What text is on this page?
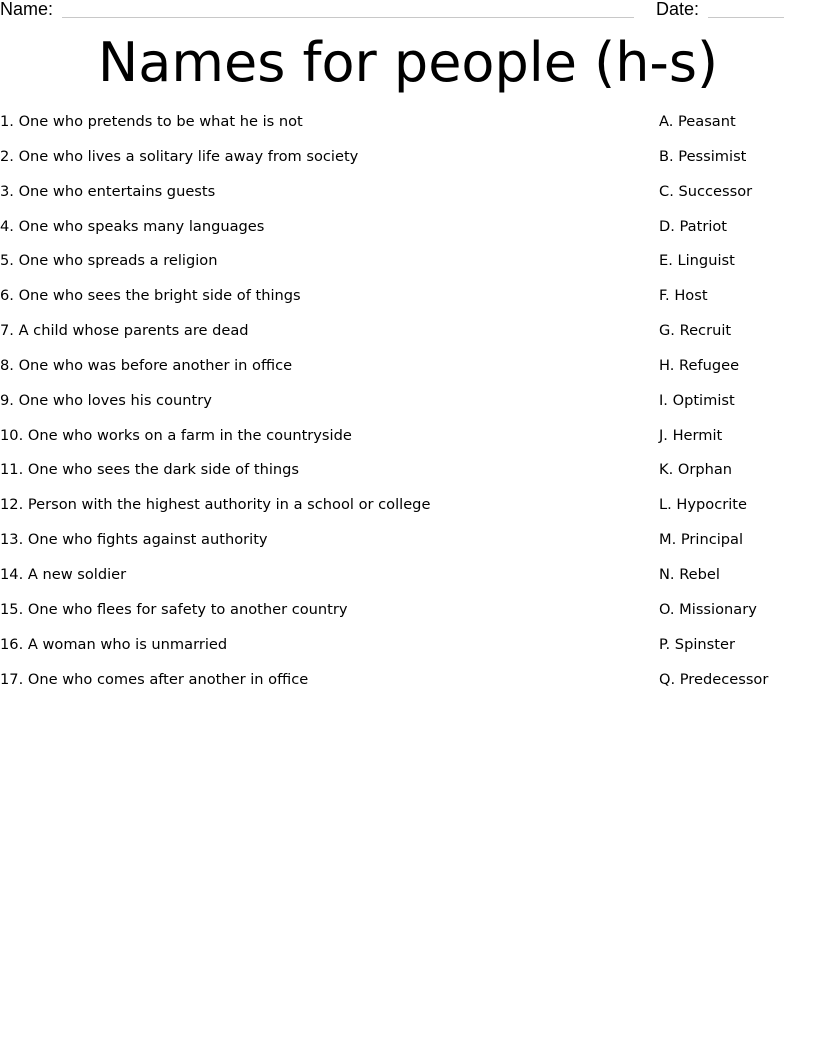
Name:	Date:
Names for people (h-s)
1. One who pretends to be what he is not
2. One who lives a solitary life away from society
3. One who entertains guests
4. One who speaks many languages
5. One who spreads a religion
6. One who sees the bright side of things
7. A child whose parents are dead
8. One who was before another in office
9. One who loves his country
10. One who works on a farm in the countryside
11. One who sees the dark side of things
12. Person with the highest authority in a school or college
13. One who fights against authority
14. A new soldier
15. One who flees for safety to another country
16. A woman who is unmarried
17. One who comes after another in office
A. Peasant
B. Pessimist
C. Successor
D. Patriot
E. Linguist
F. Host
G. Recruit
H. Refugee
I. Optimist
J. Hermit
K. Orphan
L. Hypocrite
M. Principal
N. Rebel
O. Missionary
P. Spinster
Q. Predecessor
